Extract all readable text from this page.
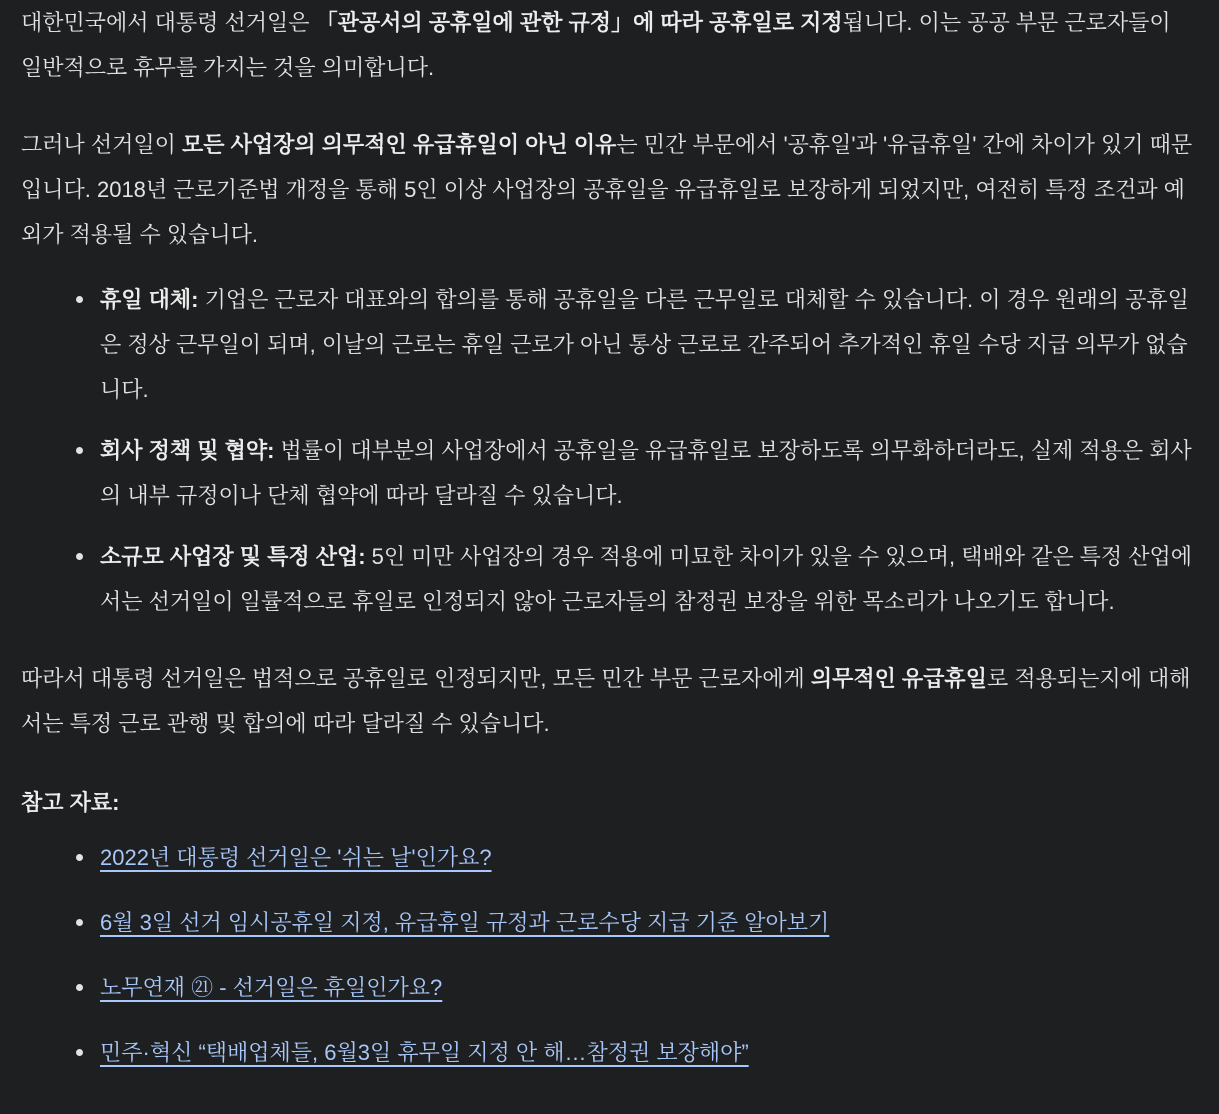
대한민국에서 대통령 선거일은 「관공서의 공휴일에 관한 규정」에 따라 공휴일로 지정됩니다. 이는 공공 부문 근로자들이 일반적으로 휴무를 가지는 것을 의미합니다.

그러나 선거일이 모든 사업장의 의무적인 유급휴일이 아닌 이유는 민간 부문에서 '공휴일'과 '유급휴일' 간에 차이가 있기 때문입니다. 2018년 근로기준법 개정을 통해 5인 이상 사업장의 공휴일을 유급휴일로 보장하게 되었지만, 여전히 특정 조건과 예외가 적용될 수 있습니다.

휴일 대체: 기업은 근로자 대표와의 합의를 통해 공휴일을 다른 근무일로 대체할 수 있습니다. 이 경우 원래의 공휴일은 정상 근무일이 되며, 이날의 근로는 휴일 근로가 아닌 통상 근로로 간주되어 추가적인 휴일 수당 지급 의무가 없습니다.
회사 정책 및 협약: 법률이 대부분의 사업장에서 공휴일을 유급휴일로 보장하도록 의무화하더라도, 실제 적용은 회사의 내부 규정이나 단체 협약에 따라 달라질 수 있습니다.
소규모 사업장 및 특정 산업: 5인 미만 사업장의 경우 적용에 미묘한 차이가 있을 수 있으며, 택배와 같은 특정 산업에서는 선거일이 일률적으로 휴일로 인정되지 않아 근로자들의 참정권 보장을 위한 목소리가 나오기도 합니다.

따라서 대통령 선거일은 법적으로 공휴일로 인정되지만, 모든 민간 부문 근로자에게 의무적인 유급휴일로 적용되는지에 대해서는 특정 근로 관행 및 합의에 따라 달라질 수 있습니다.

참고 자료:

2022년 대통령 선거일은 '쉬는 날'인가요?
6월 3일 선거 임시공휴일 지정, 유급휴일 규정과 근로수당 지급 기준 알아보기
노무연재 ㉑ - 선거일은 휴일인가요?
민주·혁신 “택배업체들, 6월3일 휴무일 지정 안 해…참정권 보장해야”
